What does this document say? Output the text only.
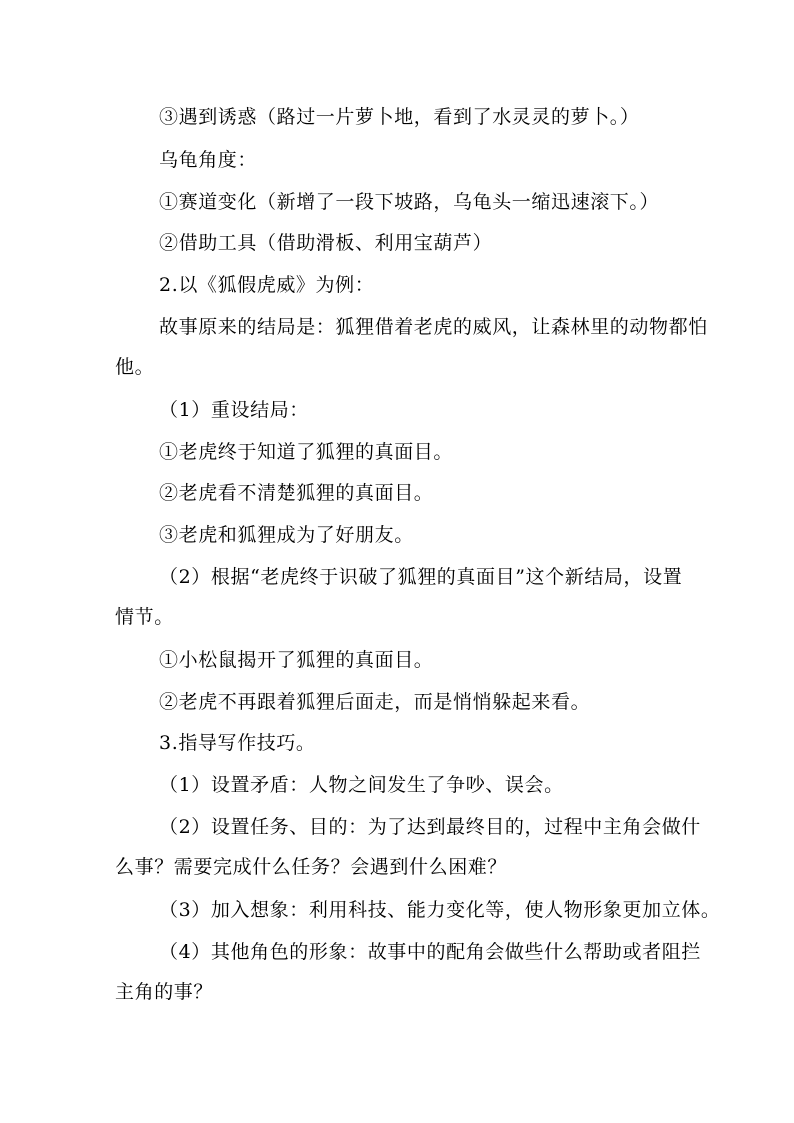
③遇到诱惑（路过一片萝卜地，看到了水灵灵的萝卜。）
乌龟角度：
①赛道变化（新增了一段下坡路，乌龟头一缩迅速滚下。）
②借助工具（借助滑板、利用宝葫芦）
2.以《狐假虎威》为例：
故事原来的结局是：狐狸借着老虎的威风，让森林里的动物都怕
他。
（1）重设结局：
①老虎终于知道了狐狸的真面目。
②老虎看不清楚狐狸的真面目。
③老虎和狐狸成为了好朋友。
（2）根据“老虎终于识破了狐狸的真面目”这个新结局，设置
情节。
①小松鼠揭开了狐狸的真面目。
②老虎不再跟着狐狸后面走，而是悄悄躲起来看。
3.指导写作技巧。
（1）设置矛盾：人物之间发生了争吵、误会。
（2）设置任务、目的：为了达到最终目的，过程中主角会做什
么事？需要完成什么任务？会遇到什么困难？
（3）加入想象：利用科技、能力变化等，使人物形象更加立体。
（4）其他角色的形象：故事中的配角会做些什么帮助或者阻拦
主角的事？
